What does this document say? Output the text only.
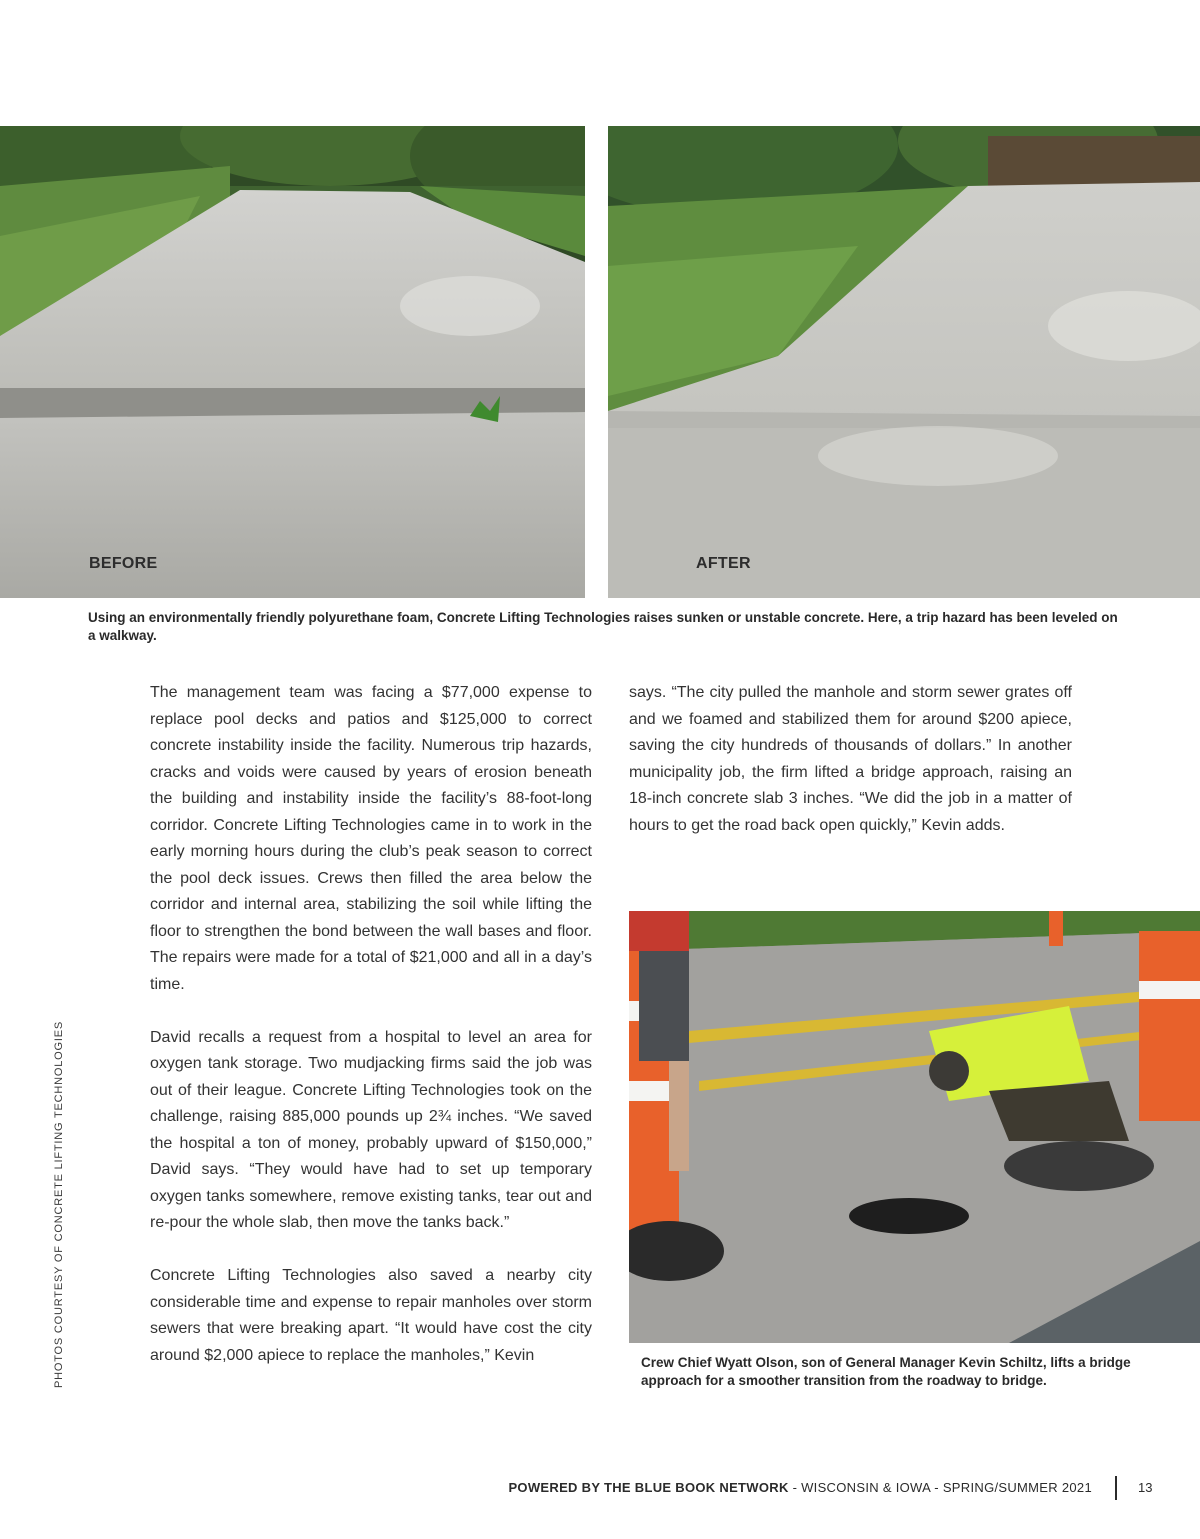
BEFORE	AFTER
Using an environmentally friendly polyurethane foam, Concrete Lifting Technologies raises sunken or unstable concrete. Here, a trip hazard has been leveled on a walkway.
PHOTOS COURTESY OF CONCRETE LIFTING TECHNOLOGIES

The management team was facing a $77,000 expense to replace pool decks and patios and $125,000 to correct concrete instability inside the facility. Numerous trip hazards, cracks and voids were caused by years of erosion beneath the building and instability inside the facility’s 88-foot-long corridor. Concrete Lifting Technologies came in to work in the early morning hours during the club’s peak season to correct the pool deck issues. Crews then filled the area below the corridor and internal area, stabilizing the soil while lifting the floor to strengthen the bond between the wall bases and floor. The repairs were made for a total of $21,000 and all in a day’s time.

David recalls a request from a hospital to level an area for oxygen tank storage. Two mudjacking firms said the job was out of their league. Concrete Lifting Technologies took on the challenge, raising 885,000 pounds up 2¾ inches. “We saved the hospital a ton of money, probably upward of $150,000,” David says. “They would have had to set up temporary oxygen tanks somewhere, remove existing tanks, tear out and re-pour the whole slab, then move the tanks back.”

Concrete Lifting Technologies also saved a nearby city considerable time and expense to repair manholes over storm sewers that were breaking apart. “It would have cost the city around $2,000 apiece to replace the manholes,” Kevin

says. “The city pulled the manhole and storm sewer grates off and we foamed and stabilized them for around $200 apiece, saving the city hundreds of thousands of dollars.” In another municipality job, the firm lifted a bridge approach, raising an 18-inch concrete slab 3 inches. “We did the job in a matter of hours to get the road back open quickly,” Kevin adds.

Crew Chief Wyatt Olson, son of General Manager Kevin Schiltz, lifts a bridge approach for a smoother transition from the roadway to bridge.
POWERED BY THE BLUE BOOK NETWORK - WISCONSIN & IOWA - SPRING/SUMMER 2021	13
